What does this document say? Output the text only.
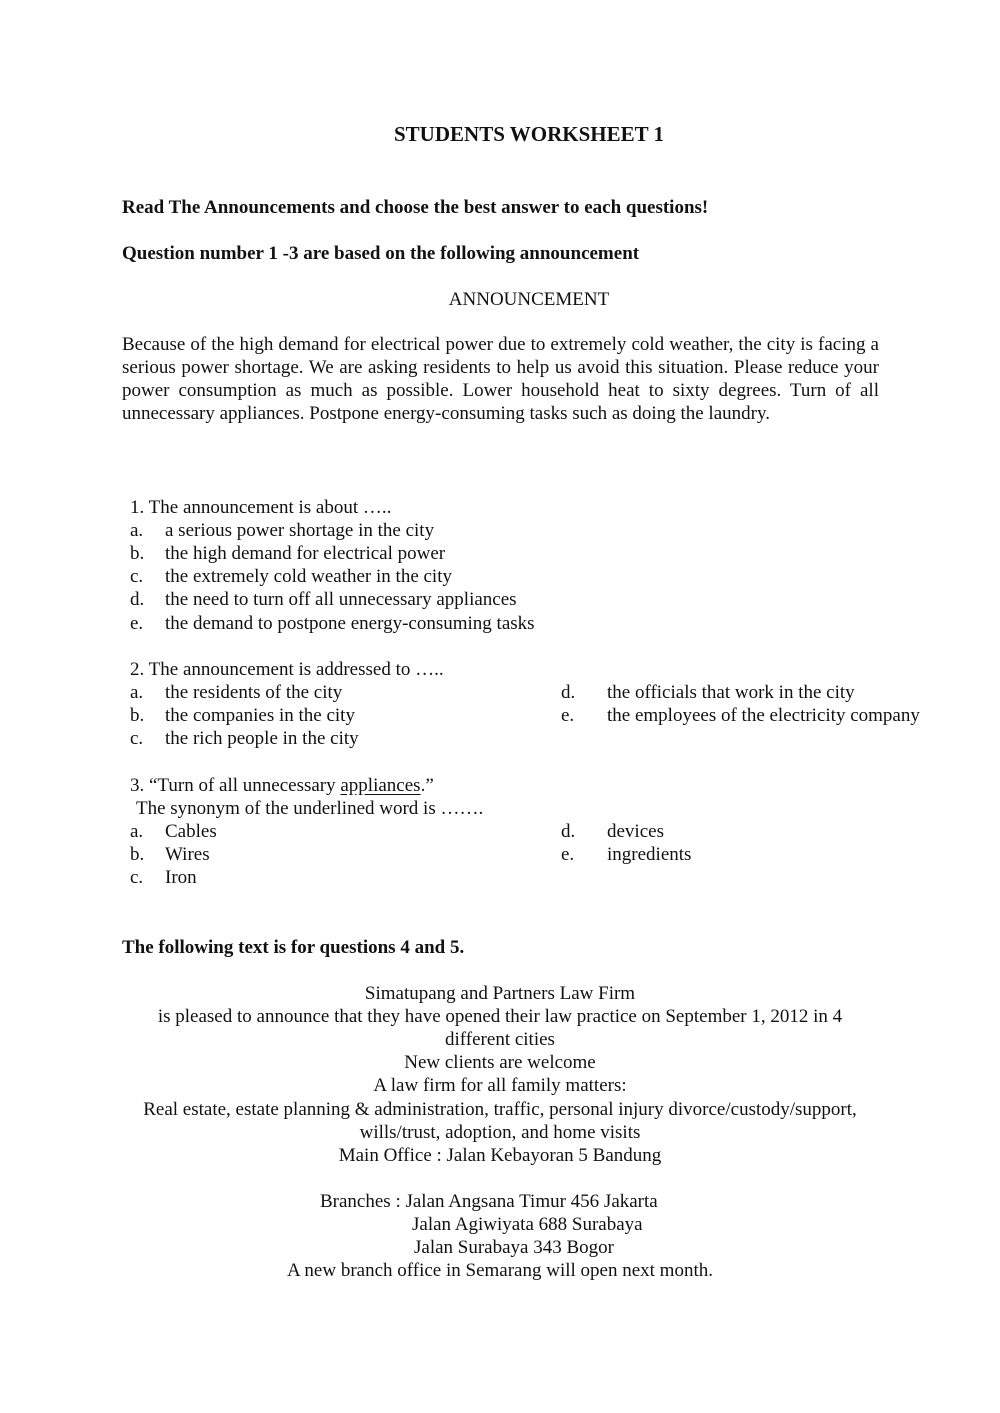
STUDENTS WORKSHEET 1
Read The Announcements and choose the best answer to each questions!
Question number 1 -3 are based on the following announcement
ANNOUNCEMENT

Because of the high demand for electrical power due to extremely cold weather, the city is facing a serious power shortage. We are asking residents to help us avoid this situation. Please reduce your power consumption as much as possible. Lower household heat to sixty degrees. Turn of all unnecessary appliances. Postpone energy-consuming tasks such as doing the laundry.

1. The announcement is about …..
a. a serious power shortage in the city
b. the high demand for electrical power
c. the extremely cold weather in the city
d. the need to turn off all unnecessary appliances
e. the demand to postpone energy-consuming tasks
2. The announcement is addressed to …..
a. the residents of the city
b. the companies in the city
c. the rich people in the city
d. the officials that work in the city
e. the employees of the electricity company
3. “Turn of all unnecessary appliances.”
The synonym of the underlined word is …….
a. Cables
b. Wires
c. Iron
d. devices
e. ingredients
The following text is for questions 4 and 5.
Simatupang and Partners Law Firm
is pleased to announce that they have opened their law practice on September 1, 2012 in 4
different cities
New clients are welcome
A law firm for all family matters:
Real estate, estate planning & administration, traffic, personal injury divorce/custody/support,
wills/trust, adoption, and home visits
Main Office : Jalan Kebayoran 5 Bandung
Branches : Jalan Angsana Timur 456 Jakarta
Jalan Agiwiyata 688 Surabaya
Jalan Surabaya 343 Bogor
A new branch office in Semarang will open next month.
